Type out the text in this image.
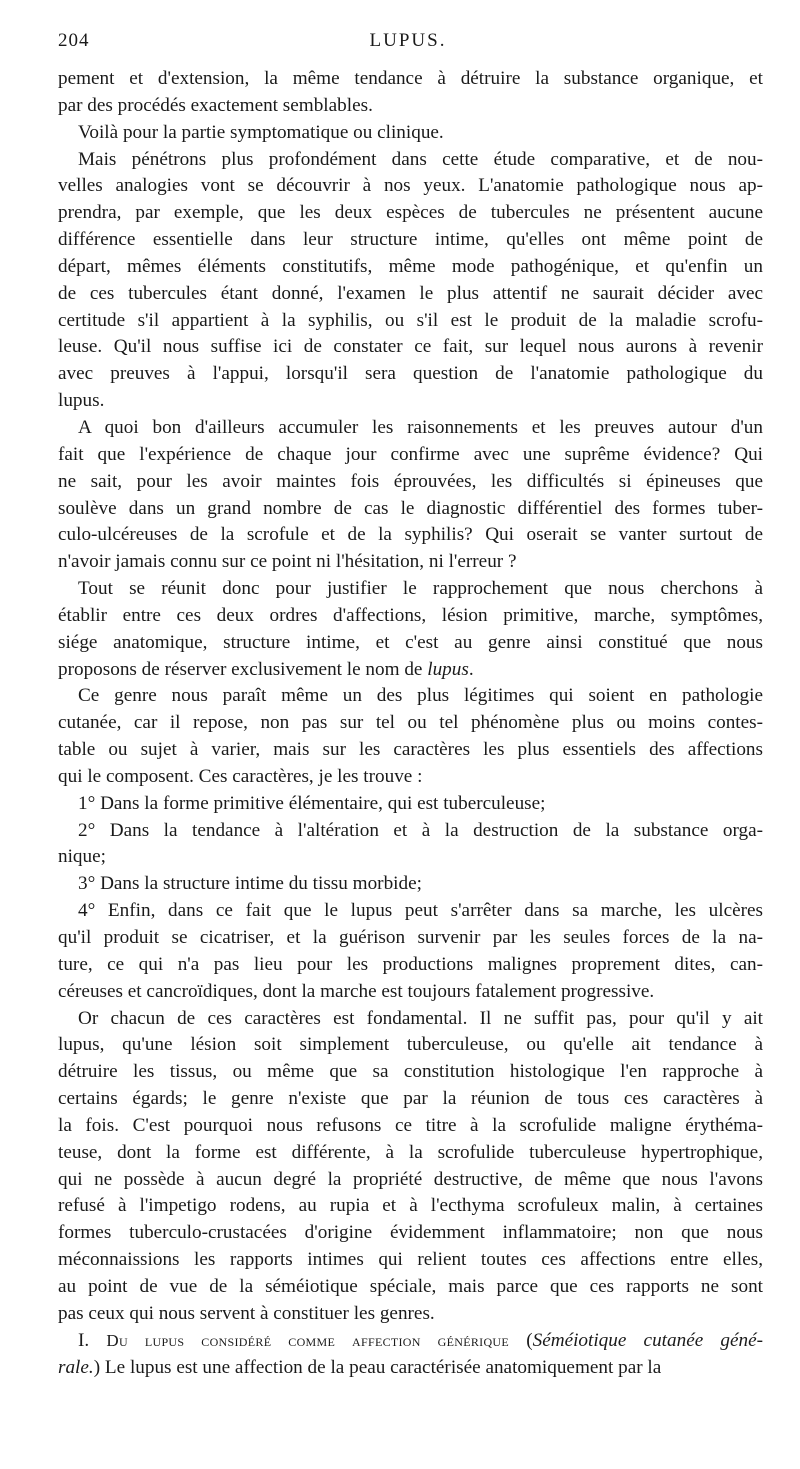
204	LUPUS.
pement et d'extension, la même tendance à détruire la substance organique, et
par des procédés exactement semblables.
Voilà pour la partie symptomatique ou clinique.
Mais pénétrons plus profondément dans cette étude comparative, et de nou-
velles analogies vont se découvrir à nos yeux. L'anatomie pathologique nous ap-
prendra, par exemple, que les deux espèces de tubercules ne présentent aucune
différence essentielle dans leur structure intime, qu'elles ont même point de
départ, mêmes éléments constitutifs, même mode pathogénique, et qu'enfin un
de ces tubercules étant donné, l'examen le plus attentif ne saurait décider avec
certitude s'il appartient à la syphilis, ou s'il est le produit de la maladie scrofu-
leuse. Qu'il nous suffise ici de constater ce fait, sur lequel nous aurons à revenir
avec preuves à l'appui, lorsqu'il sera question de l'anatomie pathologique du
lupus.
A quoi bon d'ailleurs accumuler les raisonnements et les preuves autour d'un
fait que l'expérience de chaque jour confirme avec une suprême évidence? Qui
ne sait, pour les avoir maintes fois éprouvées, les difficultés si épineuses que
soulève dans un grand nombre de cas le diagnostic différentiel des formes tuber-
culo-ulcéreuses de la scrofule et de la syphilis? Qui oserait se vanter surtout de
n'avoir jamais connu sur ce point ni l'hésitation, ni l'erreur ?
Tout se réunit donc pour justifier le rapprochement que nous cherchons à
établir entre ces deux ordres d'affections, lésion primitive, marche, symptômes,
siége anatomique, structure intime, et c'est au genre ainsi constitué que nous
proposons de réserver exclusivement le nom de lupus.
Ce genre nous paraît même un des plus légitimes qui soient en pathologie
cutanée, car il repose, non pas sur tel ou tel phénomène plus ou moins contes-
table ou sujet à varier, mais sur les caractères les plus essentiels des affections
qui le composent. Ces caractères, je les trouve :
1° Dans la forme primitive élémentaire, qui est tuberculeuse;
2° Dans la tendance à l'altération et à la destruction de la substance orga-
nique;
3° Dans la structure intime du tissu morbide;
4° Enfin, dans ce fait que le lupus peut s'arrêter dans sa marche, les ulcères
qu'il produit se cicatriser, et la guérison survenir par les seules forces de la na-
ture, ce qui n'a pas lieu pour les productions malignes proprement dites, can-
céreuses et cancroïdiques, dont la marche est toujours fatalement progressive.
Or chacun de ces caractères est fondamental. Il ne suffit pas, pour qu'il y ait
lupus, qu'une lésion soit simplement tuberculeuse, ou qu'elle ait tendance à
détruire les tissus, ou même que sa constitution histologique l'en rapproche à
certains égards; le genre n'existe que par la réunion de tous ces caractères à
la fois. C'est pourquoi nous refusons ce titre à la scrofulide maligne érythéma-
teuse, dont la forme est différente, à la scrofulide tuberculeuse hypertrophique,
qui ne possède à aucun degré la propriété destructive, de même que nous l'avons
refusé à l'impetigo rodens, au rupia et à l'ecthyma scrofuleux malin, à certaines
formes tuberculo-crustacées d'origine évidemment inflammatoire; non que nous
méconnaissions les rapports intimes qui relient toutes ces affections entre elles,
au point de vue de la séméiotique spéciale, mais parce que ces rapports ne sont
pas ceux qui nous servent à constituer les genres.
I. Du lupus considéré comme affection générique (Séméiotique cutanée géné-
rale.) Le lupus est une affection de la peau caractérisée anatomiquement par la
